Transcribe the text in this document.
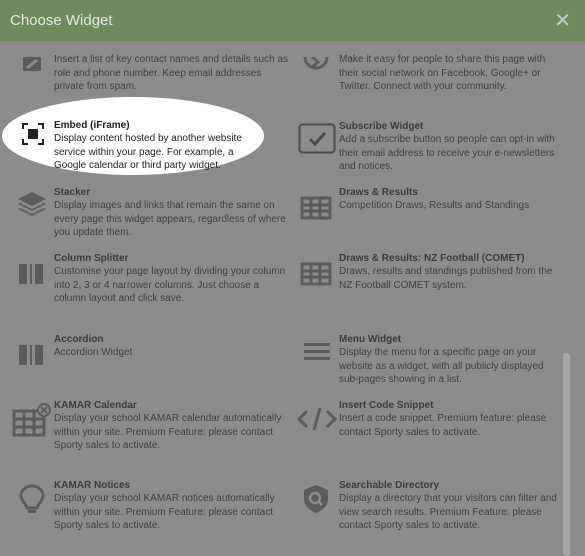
Choose Widget	✕
Insert a list of key contact names and details such as role and phone number. Keep email addresses private from spam.
Embed (iFrame)
Display content hosted by another website service within your page. For example, a Google calendar or third party widget.
Stacker
Display images and links that remain the same on every page this widget appears, regardless of where you update them.
Column Splitter
Customise your page layout by dividing your column into 2, 3 or 4 narrower columns. Just choose a column layout and click save.
Accordion
Accordion Widget
KAMAR Calendar
Display your school KAMAR calendar automatically within your site. Premium Feature: please contact Sporty sales to activate.
KAMAR Notices
Display your school KAMAR notices automatically within your site. Premium Feature: please contact Sporty sales to activate.
Make it easy for people to share this page with their social network on Facebook, Google+ or Twitter. Connect with your community.
Subscribe Widget
Add a subscribe button so people can opt-in with their email address to receive your e-newsletters and notices.
Draws & Results
Competition Draws, Results and Standings
Draws & Results: NZ Football (COMET)
Draws, results and standings published from the NZ Football COMET system.
Menu Widget
Display the menu for a specific page on your website as a widget, with all publicly displayed sub-pages showing in a list.
Insert Code Snippet
Insert a code snippet. Premium feature: please contact Sporty sales to activate.
Searchable Directory
Display a directory that your visitors can filter and view search results. Premium Feature: please contact Sporty sales to activate.
